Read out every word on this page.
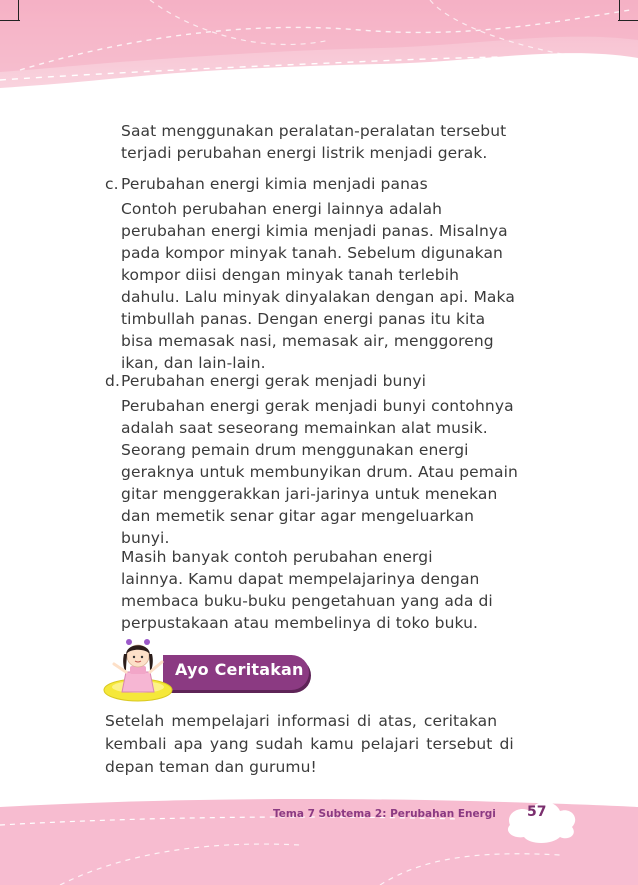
Saat menggunakan peralatan-peralatan tersebut

terjadi perubahan energi listrik menjadi gerak.

c. Perubahan energi kimia menjadi panas

Contoh perubahan energi lainnya adalah

perubahan energi kimia menjadi panas. Misalnya

pada kompor minyak tanah. Sebelum digunakan

kompor diisi dengan minyak tanah terlebih

dahulu. Lalu minyak dinyalakan dengan api. Maka

timbullah panas. Dengan energi panas itu kita

bisa memasak nasi, memasak air, menggoreng

ikan, dan lain-lain.

d.Perubahan energi gerak menjadi bunyi

Perubahan energi gerak menjadi bunyi contohnya

adalah saat seseorang memainkan alat musik.

Seorang pemain drum menggunakan energi

geraknya untuk membunyikan drum. Atau pemain

gitar menggerakkan jari-jarinya untuk menekan

dan memetik senar gitar agar mengeluarkan

bunyi.

Masih banyak contoh perubahan energi

lainnya. Kamu dapat mempelajarinya dengan

membaca buku-buku pengetahuan yang ada di

perpustakaan atau membelinya di toko buku.

Ayo Ceritakan

Setelah mempelajari informasi di atas, ceritakan

kembali apa yang sudah kamu pelajari tersebut di

depan teman dan gurumu!

Tema 7 Subtema 2: Perubahan Energi 57
